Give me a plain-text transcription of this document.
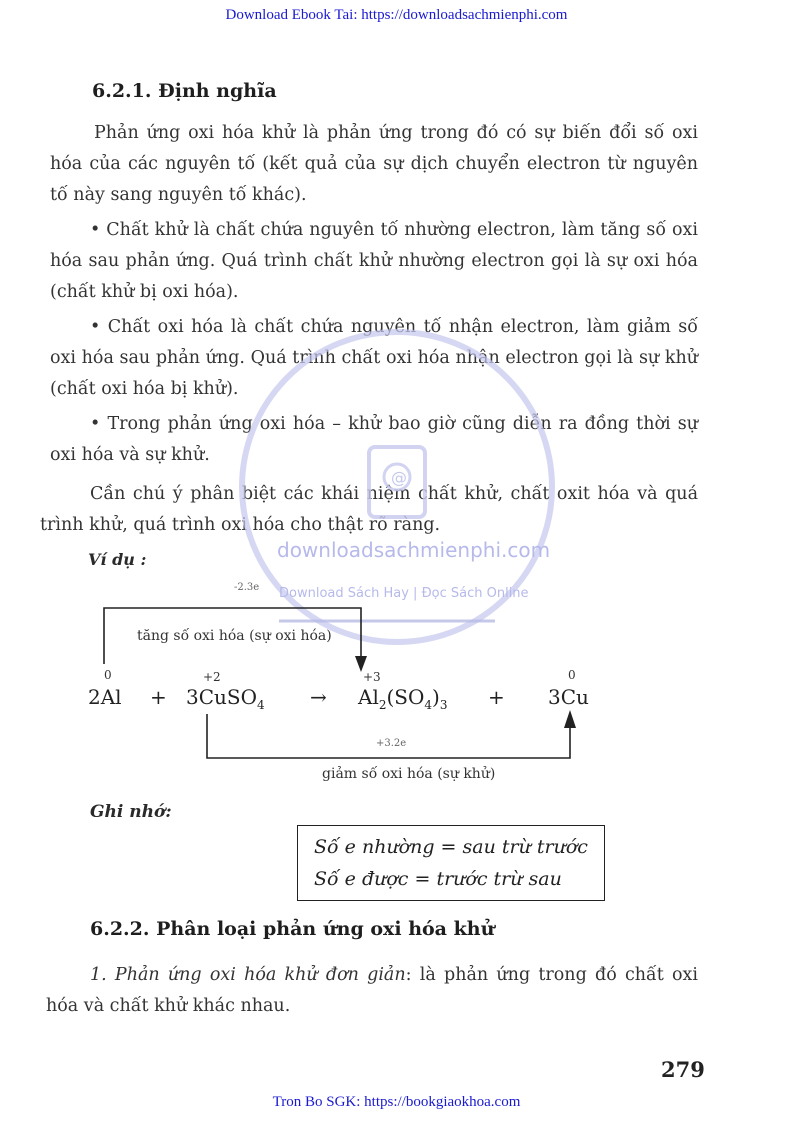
Download Ebook Tai: https://downloadsachmienphi.com
Tron Bo SGK: https://bookgiaokhoa.com
6.2.1. Định nghĩa
Phản ứng oxi hóa khử là phản ứng trong đó có sự biến đổi số oxi hóa của các nguyên tố (kết quả của sự dịch chuyển electron từ nguyên tố này sang nguyên tố khác).
• Chất khử là chất chứa nguyên tố nhường electron, làm tăng số oxi hóa sau phản ứng. Quá trình chất khử nhường electron gọi là sự oxi hóa (chất khử bị oxi hóa).
• Chất oxi hóa là chất chứa nguyên tố nhận electron, làm giảm số oxi hóa sau phản ứng. Quá trình chất oxi hóa nhận electron gọi là sự khử (chất oxi hóa bị khử).
• Trong phản ứng oxi hóa – khử bao giờ cũng diễn ra đồng thời sự oxi hóa và sự khử.
Cần chú ý phân biệt các khái niệm chất khử, chất oxit hóa và quá trình khử, quá trình oxi hóa cho thật rõ ràng.
@
downloadsachmienphi.com
Download Sách Hay | Đọc Sách Online
Ví dụ :
-2.3e
tăng số oxi hóa (sự oxi hóa)
0	+2	+3	0
2Al + 3CuSO$_4$ → $Al_2(SO_4)_3 + 3Cu$
+3.2e
giảm số oxi hóa (sự khử)
Ghi nhớ:
Số e nhường = sau trừ trước
Số e được = trước trừ sau
6.2.2. Phân loại phản ứng oxi hóa khử
1. Phản ứng oxi hóa khử đơn giản: là phản ứng trong đó chất oxi hóa và chất khử khác nhau.
279
